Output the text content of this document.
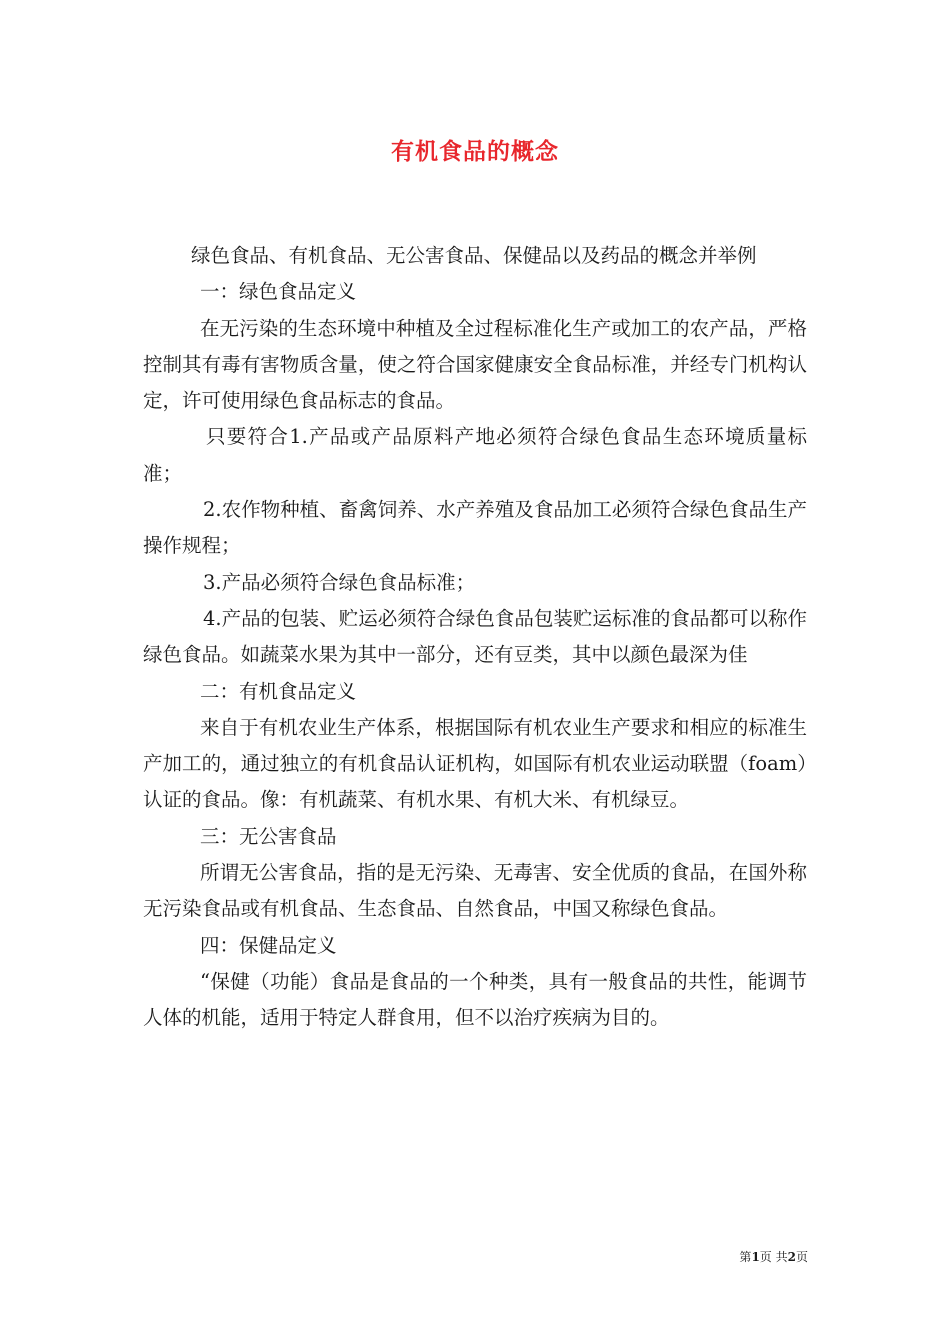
有机食品的概念

绿色食品、有机食品、无公害食品、保健品以及药品的概念并举例

一：绿色食品定义

在无污染的生态环境中种植及全过程标准化生产或加工的农产品，严格控制其有毒有害物质含量，使之符合国家健康安全食品标准，并经专门机构认定，许可使用绿色食品标志的食品。

只要符合1.产品或产品原料产地必须符合绿色食品生态环境质量标准；

2.农作物种植、畜禽饲养、水产养殖及食品加工必须符合绿色食品生产操作规程；

3.产品必须符合绿色食品标准；

4.产品的包装、贮运必须符合绿色食品包装贮运标准的食品都可以称作绿色食品。如蔬菜水果为其中一部分，还有豆类，其中以颜色最深为佳

二：有机食品定义

来自于有机农业生产体系，根据国际有机农业生产要求和相应的标准生产加工的，通过独立的有机食品认证机构，如国际有机农业运动联盟（foam）认证的食品。像：有机蔬菜、有机水果、有机大米、有机绿豆。

三：无公害食品

所谓无公害食品，指的是无污染、无毒害、安全优质的食品，在国外称无污染食品或有机食品、生态食品、自然食品，中国又称绿色食品。

四：保健品定义

“保健（功能）食品是食品的一个种类，具有一般食品的共性，能调节人体的机能，适用于特定人群食用，但不以治疗疾病为目的。

第1页 共2页
